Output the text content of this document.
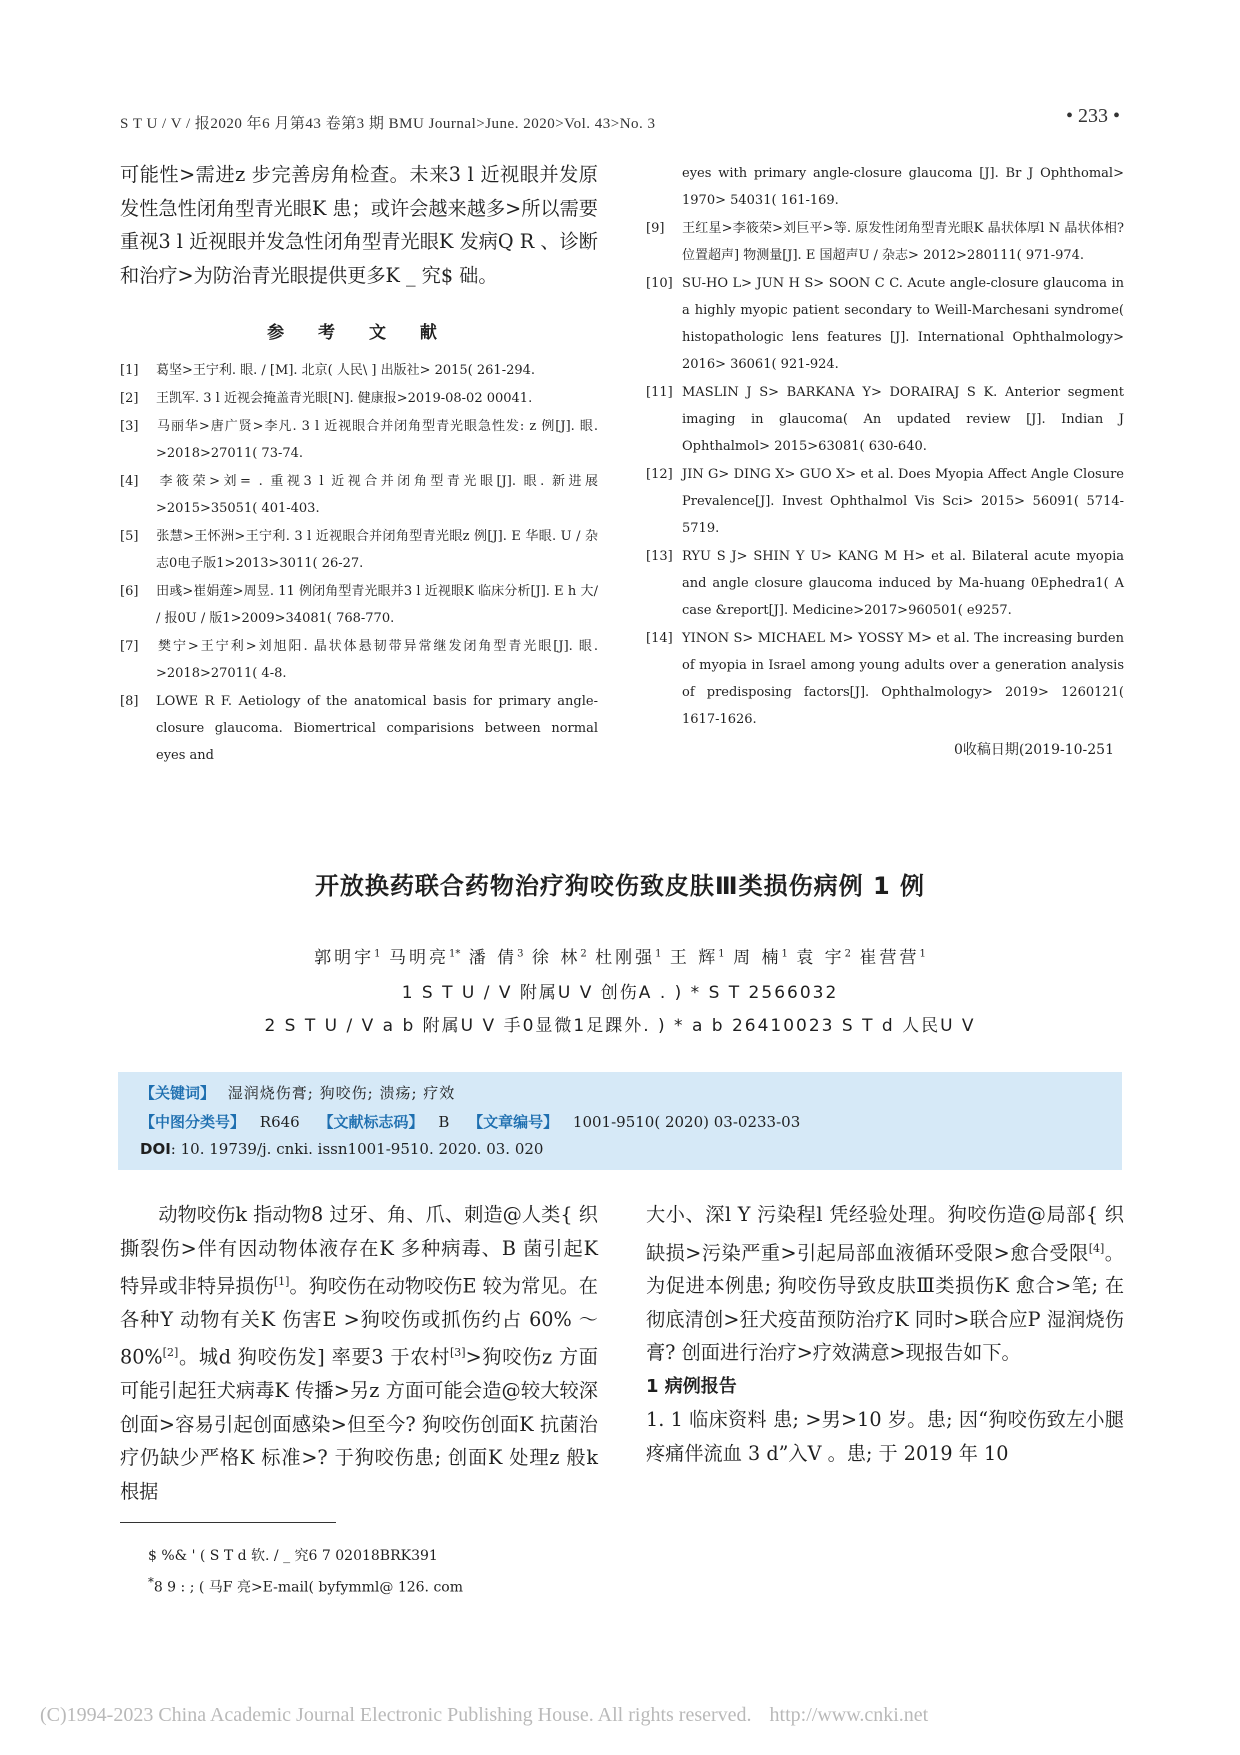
S T U / V / 报2020 年6 月第43 卷第3 期 BMU Journal>June. 2020>Vol. 43>No. 3	• 233 •

可能性>需进z 步完善房角检查。未来3 l 近视眼并发原发性急性闭角型青光眼K 患；或许会越来越多>所以需要重视3 l 近视眼并发急性闭角型青光眼K 发病Q R 、诊断和治疗>为防治青光眼提供更多K _ 究$ 础。

参 考 文 献

[1] 葛坚>王宁利. 眼. / [M]. 北京( 人民\ ] 出版社> 2015( 261-294.

[2] 王凯军. 3 l 近视会掩盖青光眼[N]. 健康报>2019-08-02 00041.

[3] 马丽华>唐广贤>李凡. 3 l 近视眼合并闭角型青光眼急性发: z 例[J]. 眼. >2018>27011( 73-74.

[4] 李筱荣>刘= . 重视3 l 近视合并闭角型青光眼[J]. 眼. 新进展>2015>35051( 401-403.

[5] 张慧>王怀洲>王宁利. 3 l 近视眼合并闭角型青光眼z 例[J]. E 华眼. U / 杂志0电子版1>2013>3011( 26-27.

[6] 田彧>崔娟莲>周昱. 11 例闭角型青光眼并3 l 近视眼K 临床分析[J]. E h 大/ / 报0U / 版1>2009>34081( 768-770.

[7] 樊宁>王宁利>刘旭阳. 晶状体悬韧带异常继发闭角型青光眼[J]. 眼. >2018>27011( 4-8.

[8] LOWE R F. Aetiology of the anatomical basis for primary angle-closure glaucoma. Biomertrical comparisions between normal eyes and

eyes with primary angle-closure glaucoma [J]. Br J Ophthomal> 1970> 54031( 161-169.

[9] 王红星>李筱荣>刘巨平>等. 原发性闭角型青光眼K 晶状体厚l N 晶状体相? 位置超声] 物测量[J]. E 国超声U / 杂志> 2012>280111( 971-974.

[10] SU-HO L> JUN H S> SOON C C. Acute angle-closure glaucoma in a highly myopic patient secondary to Weill-Marchesani syndrome( histopathologic lens features [J]. International Ophthalmology> 2016> 36061( 921-924.

[11] MASLIN J S> BARKANA Y> DORAIRAJ S K. Anterior segment imaging in glaucoma( An updated review [J]. Indian J Ophthalmol> 2015>63081( 630-640.

[12] JIN G> DING X> GUO X> et al. Does Myopia Affect Angle Closure Prevalence[J]. Invest Ophthalmol Vis Sci> 2015> 56091( 5714-5719.

[13] RYU S J> SHIN Y U> KANG M H> et al. Bilateral acute myopia and angle closure glaucoma induced by Ma-huang 0Ephedra1( A case &report[J]. Medicine>2017>960501( e9257.

[14] YINON S> MICHAEL M> YOSSY M> et al. The increasing burden of myopia in Israel among young adults over a generation analysis of predisposing factors[J]. Ophthalmology> 2019> 1260121( 1617-1626.

0收稿日期(2019-10-251
开放换药联合药物治疗狗咬伤致皮肤Ⅲ类损伤病例 1 例
郭明宇$^1$ 马明亮$^{1*}$ 潘 倩$^3$ 徐 林$^2$ 杜刚强$^1$ 王 辉$^1$ 周 楠$^1$ 袁 宇$^2$ 崔营营$^1$
1 S T U / V 附属U V 创伤A . ) * S T 2566032
2 S T U / V a b 附属U V 手0显微1足踝外. ) * a b 26410023 S T d 人民U V
【关键词】 湿润烧伤膏; 狗咬伤; 溃疡; 疗效
【中图分类号】 R646 【文献标志码】 B 【文章编号】 1001-9510( 2020) 03-0233-03
DOI: 10. 19739/j. cnki. issn1001-9510. 2020. 03. 020

动物咬伤k 指动物8 过牙、角、爪、刺造@人类{ 织撕裂伤>伴有因动物体液存在K 多种病毒、B 菌引起K 特异或非特异损伤[1]。狗咬伤在动物咬伤E 较为常见。在各种Y 动物有关K 伤害E >狗咬伤或抓伤约占 60% ～80%[2]。城d 狗咬伤发] 率要3 于农村[3]>狗咬伤z 方面可能引起狂犬病毒K 传播>另z 方面可能会造@较大较深创面>容易引起创面感染>但至今? 狗咬伤创面K 抗菌治疗仍缺少严格K 标准>? 于狗咬伤患; 创面K 处理z 般k 根据

大小、深l Y 污染程l 凭经验处理。狗咬伤造@局部{ 织缺损>污染严重>引起局部血液循环受限>愈合受限[4]。为促进本例患; 狗咬伤导致皮肤Ⅲ类损伤K 愈合>笔; 在彻底清创>狂犬疫苗预防治疗K 同时>联合应P 湿润烧伤膏? 创面进行治疗>疗效满意>现报告如下。

1 病例报告

1. 1 临床资料 患; >男>10 岁。患; 因“狗咬伤致左小腿疼痛伴流血 3 d”入V 。患; 于 2019 年 10

$ %& ' ( S T d 软. / _ 究6 7 02018BRK391
*8 9 : ; ( 马F 亮>E-mail( byfymml@ 126. com
(C)1994-2023 China Academic Journal Electronic Publishing House. All rights reserved. http://www.cnki.net
